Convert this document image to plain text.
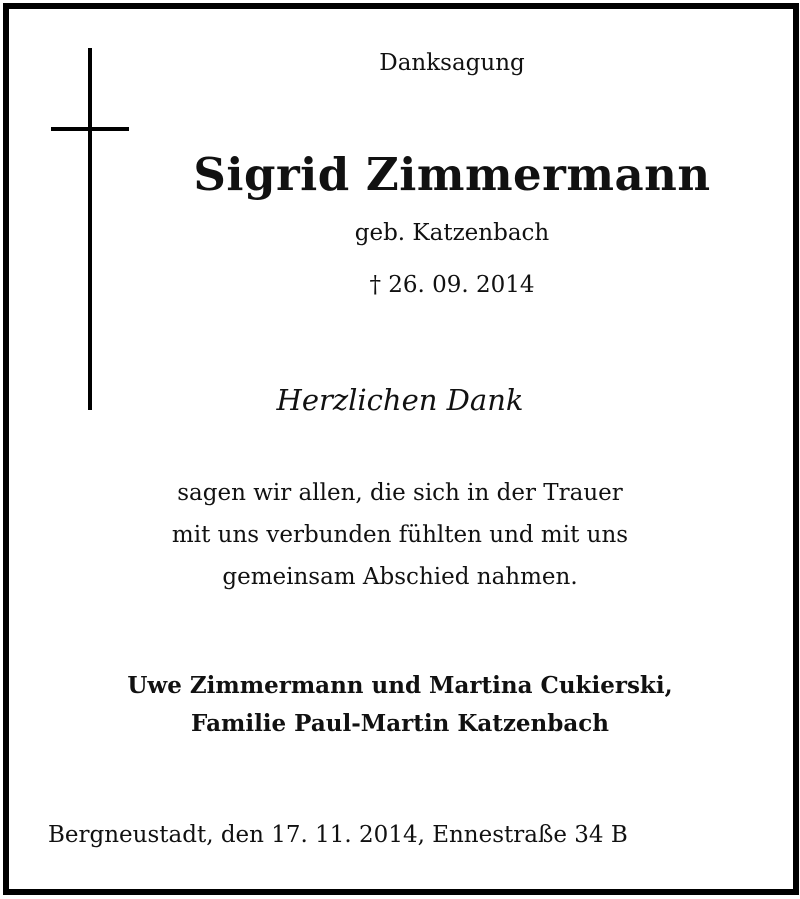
Danksagung
Sigrid Zimmermann
geb. Katzenbach
† 26. 09. 2014
Herzlichen Dank
sagen wir allen, die sich in der Trauer
mit uns verbunden fühlten und mit uns
gemeinsam Abschied nahmen.
Uwe Zimmermann und Martina Cukierski,
Familie Paul-Martin Katzenbach
Bergneustadt, den 17. 11. 2014, Ennestraße 34 B
